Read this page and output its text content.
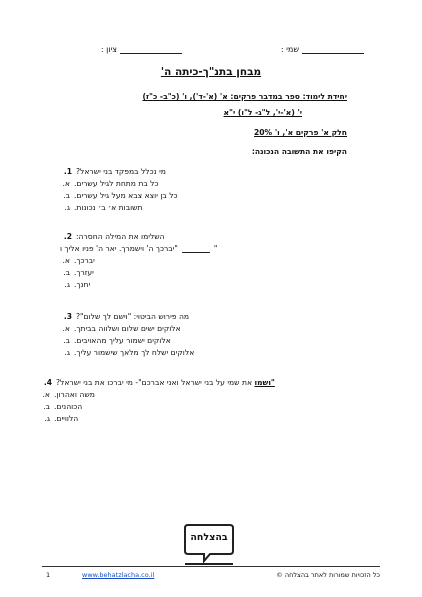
שמי :
ציון :
מבחן בתנ"ך-כיתה ה'
יחידת לימוד: ספר במדבר פרקים: א' (א'-ד'), ו' (כ"ב- כ"ז)
י' (א'-י', ל"ג- ל"ו) י"א
חלק א' פרקים א', ו' 20%
הקיפו את התשובה הנכונה:
1. מי נכלל במפקד בני ישראל?
א. כל בת מתחת לגיל עשרים.
ב. כל בן יוצא צבא מעל גיל עשרים.
ג. תשובות א׳ ב׳ נכונות.
2. השלימו את המילה החסרה:
"יברכך ה' וישמרך. יאר ה' פניו אליך ו	"
א. יברכך.
ב. יעזרך.
ג. יחנך.
3. מה פירוש הביטוי: "וישם לך שלום"?
א. אלוקים ישים שלום ושלווה בביתך.
ב. אלוקים ישמור עליך מהאויבים.
ג. אלוקים ישלח לך מלאך שישמור עליך.
4.	"ושמו את שמי על בני ישראל ואני אברכם"- מי יברכו את בני ישראל?
א. משה ואהרון.
ב. הכוהנים.
ג. הלוויים.
בהצלחה
כל הזכויות שמורות לאתר בהצלחה ©
www.behatzlacha.co.il
1
